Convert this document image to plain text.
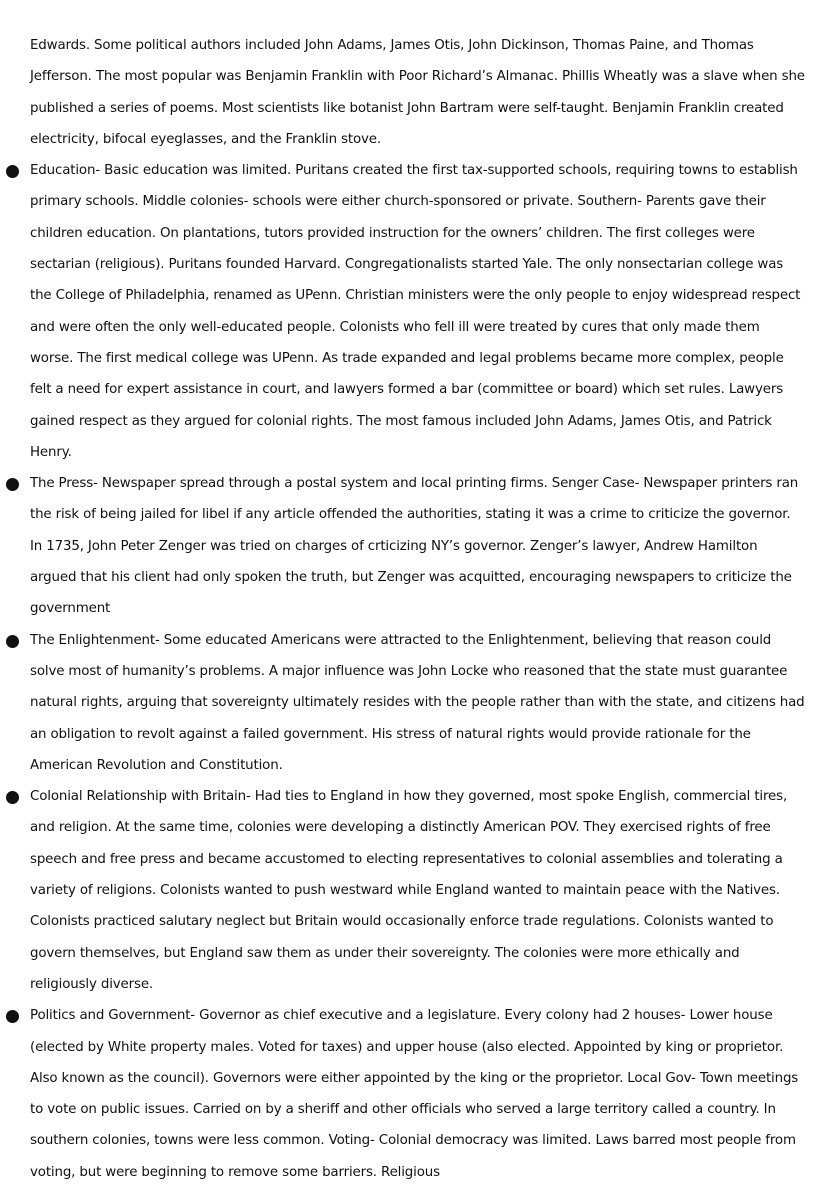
Edwards. Some political authors included John Adams, James Otis, John Dickinson, Thomas Paine, and Thomas Jefferson. The most popular was Benjamin Franklin with Poor Richard’s Almanac. Phillis Wheatly was a slave when she published a series of poems. Most scientists like botanist John Bartram were self-taught. Benjamin Franklin created electricity, bifocal eyeglasses, and the Franklin stove.

Education- Basic education was limited. Puritans created the first tax-supported schools, requiring towns to establish primary schools. Middle colonies- schools were either church-sponsored or private. Southern- Parents gave their children education. On plantations, tutors provided instruction for the owners’ children. The first colleges were sectarian (religious). Puritans founded Harvard. Congregationalists started Yale. The only nonsectarian college was the College of Philadelphia, renamed as UPenn. Christian ministers were the only people to enjoy widespread respect and were often the only well-educated people. Colonists who fell ill were treated by cures that only made them worse. The first medical college was UPenn. As trade expanded and legal problems became more complex, people felt a need for expert assistance in court, and lawyers formed a bar (committee or board) which set rules. Lawyers gained respect as they argued for colonial rights. The most famous included John Adams, James Otis, and Patrick Henry.

The Press- Newspaper spread through a postal system and local printing firms. Senger Case- Newspaper printers ran the risk of being jailed for libel if any article offended the authorities, stating it was a crime to criticize the governor. In 1735, John Peter Zenger was tried on charges of crticizing NY’s governor. Zenger’s lawyer, Andrew Hamilton argued that his client had only spoken the truth, but Zenger was acquitted, encouraging newspapers to criticize the government

The Enlightenment- Some educated Americans were attracted to the Enlightenment, believing that reason could solve most of humanity’s problems. A major influence was John Locke who reasoned that the state must guarantee natural rights, arguing that sovereignty ultimately resides with the people rather than with the state, and citizens had an obligation to revolt against a failed government. His stress of natural rights would provide rationale for the American Revolution and Constitution.

Colonial Relationship with Britain- Had ties to England in how they governed, most spoke English, commercial tires, and religion. At the same time, colonies were developing a distinctly American POV. They exercised rights of free speech and free press and became accustomed to electing representatives to colonial assemblies and tolerating a variety of religions. Colonists wanted to push westward while England wanted to maintain peace with the Natives. Colonists practiced salutary neglect but Britain would occasionally enforce trade regulations. Colonists wanted to govern themselves, but England saw them as under their sovereignty. The colonies were more ethically and religiously diverse.

Politics and Government- Governor as chief executive and a legislature. Every colony had 2 houses- Lower house (elected by White property males. Voted for taxes) and upper house (also elected. Appointed by king or proprietor. Also known as the council). Governors were either appointed by the king or the proprietor. Local Gov- Town meetings to vote on public issues. Carried on by a sheriff and other officials who served a large territory called a country. In southern colonies, towns were less common. Voting- Colonial democracy was limited. Laws barred most people from voting, but were beginning to remove some barriers. Religious
